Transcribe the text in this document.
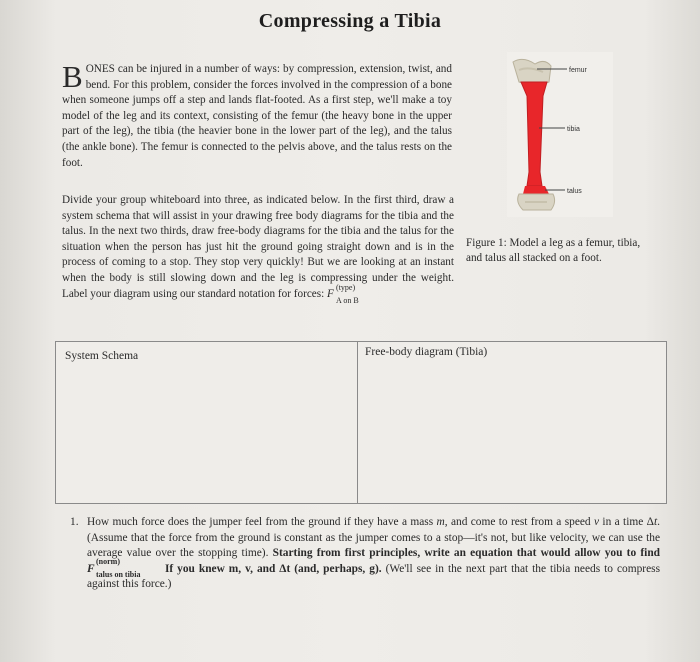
Compressing a Tibia
BONES can be injured in a number of ways: by compression, extension, twist, and bend. For this problem, consider the forces involved in the compression of a bone when someone jumps off a step and lands flat-footed. As a first step, we'll make a toy model of the leg and its context, consisting of the femur (the heavy bone in the upper part of the leg), the tibia (the heavier bone in the lower part of the leg), and the talus (the ankle bone). The femur is connected to the pelvis above, and the talus rests on the foot.
Divide your group whiteboard into three, as indicated below. In the first third, draw a system schema that will assist in your drawing free body diagrams for the tibia and the talus. In the next two thirds, draw free-body diagrams for the tibia and the talus for the situation when the person has just hit the ground going straight down and is in the process of coming to a stop. They stop very quickly! But we are looking at an instant when the body is still slowing down and the leg is compressing under the weight. Label your diagram using our standard notation for forces: F
(type)
A on B
femur
tibia
talus
Figure 1: Model a leg as a femur, tibia, and talus all stacked on a foot.
System Schema	Free-body diagram (Tibia)
1. How much force does the jumper feel from the ground if they have a mass m, and come to rest from a speed v in a time Δt. (Assume that the force from the ground is constant as the jumper comes to a stop—it's not, but like velocity, we can use the average value over the stopping time). Starting from first principles, write an equation that would allow you to find F
(norm)
talus on tibia If you knew m, v, and Δt (and, perhaps, g). (We'll see in the next part that the tibia needs to compress against this force.)
